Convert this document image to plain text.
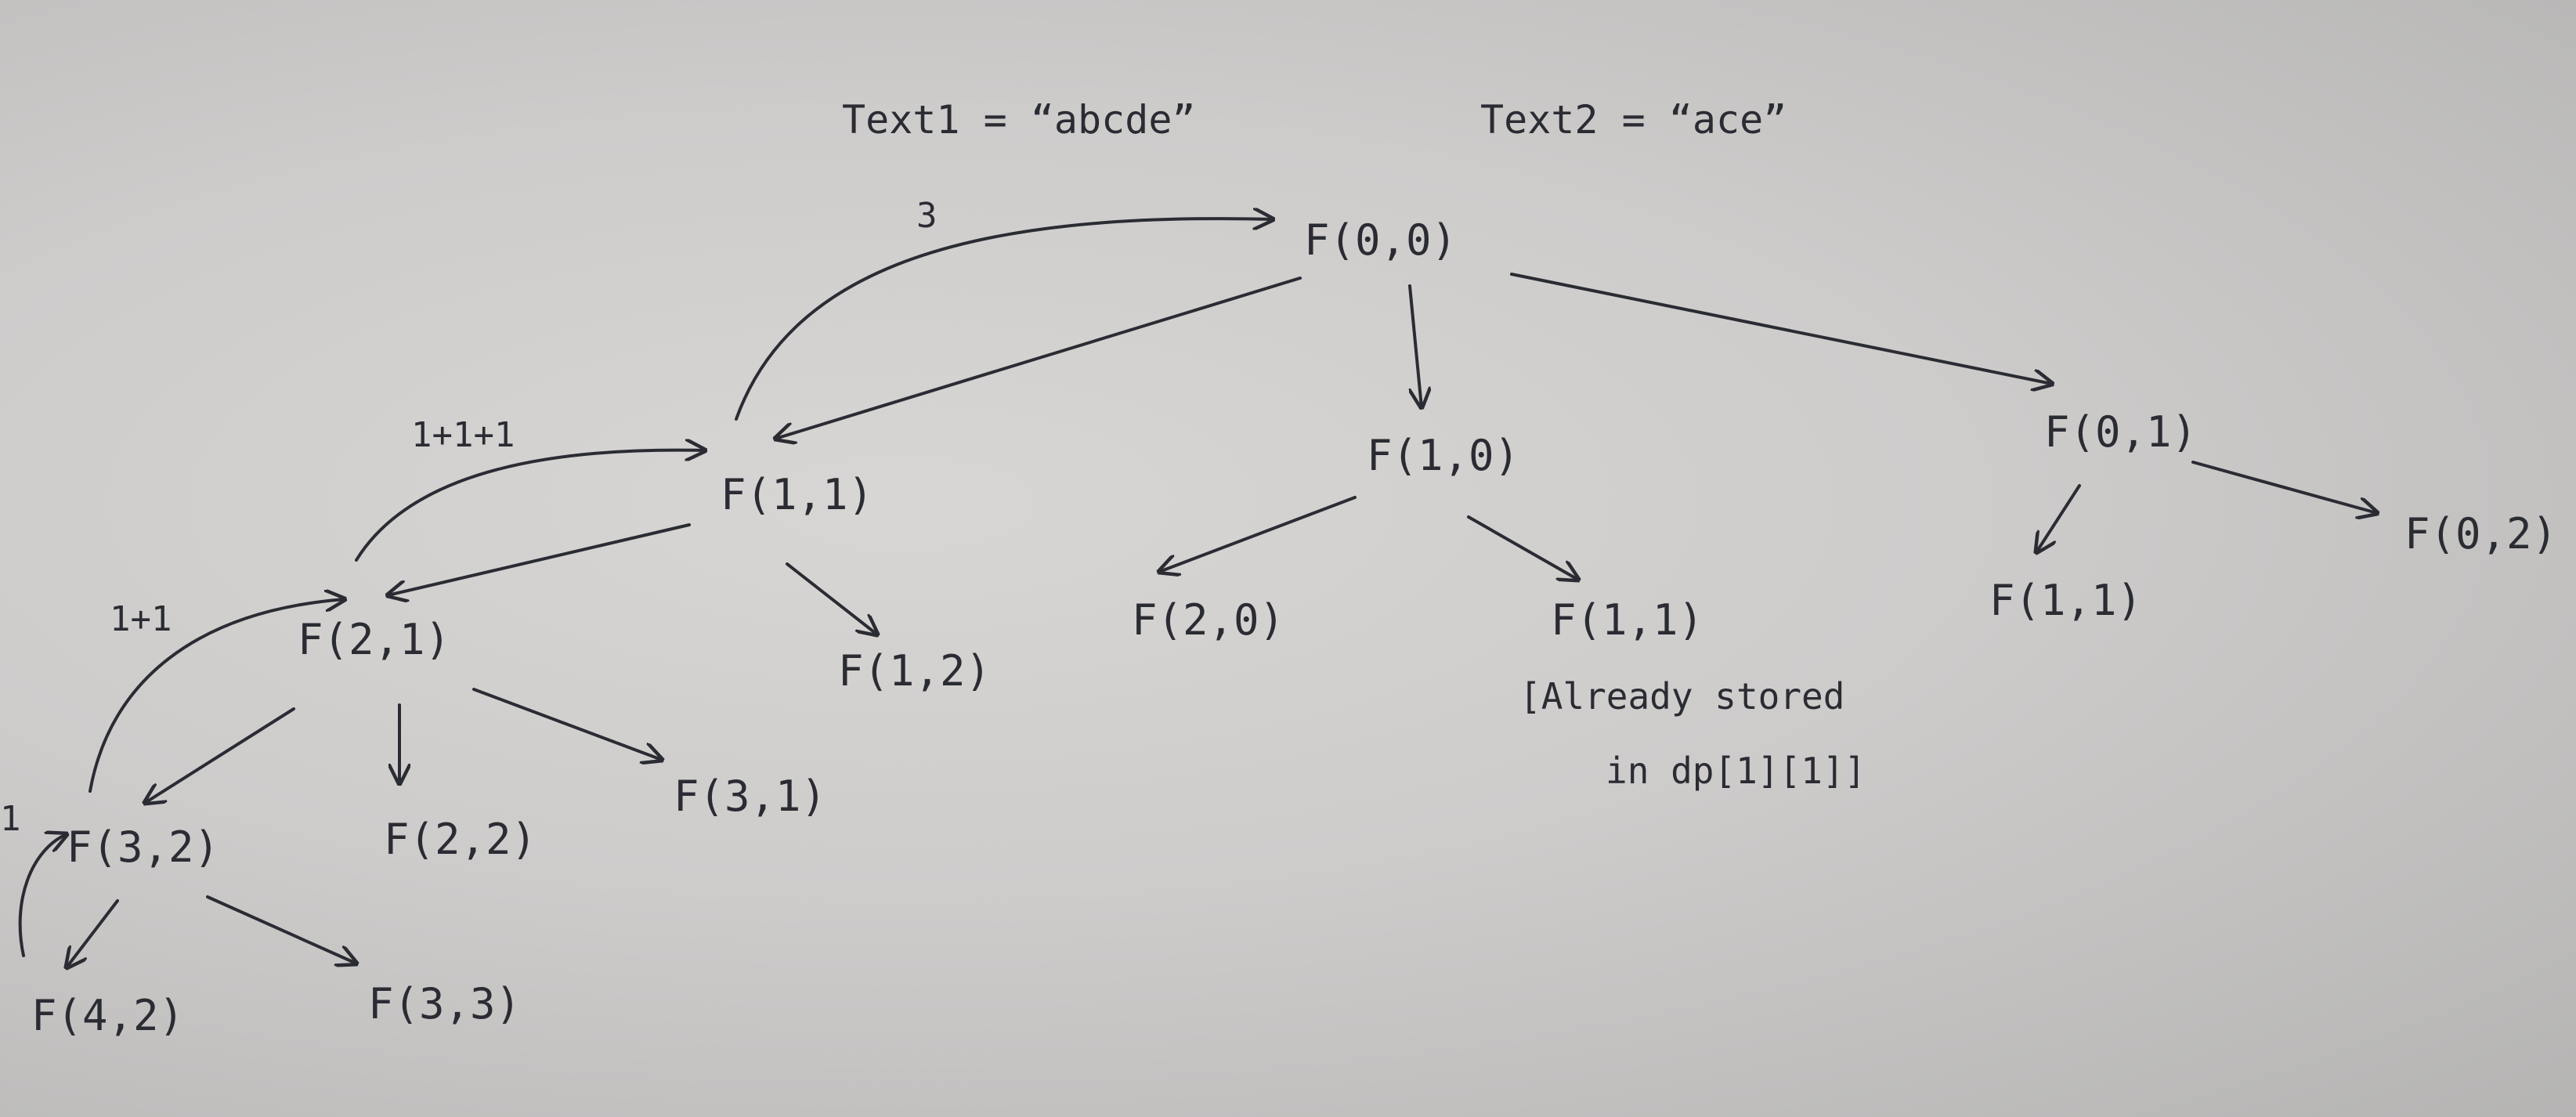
Text1 = “abcde”	Text2 = “ace”
F(0,0)
F(1,1)
F(1,0)	F(0,1)
F(0,2)
F(2,1)
F(1,2)
F(2,0)	F(1,1)	F(1,1)
F(3,2)	F(2,2)
F(3,1)
F(4,2)	F(3,3)
3
1+1+1
1+1
1
[Already stored
in dp[1][1]]
